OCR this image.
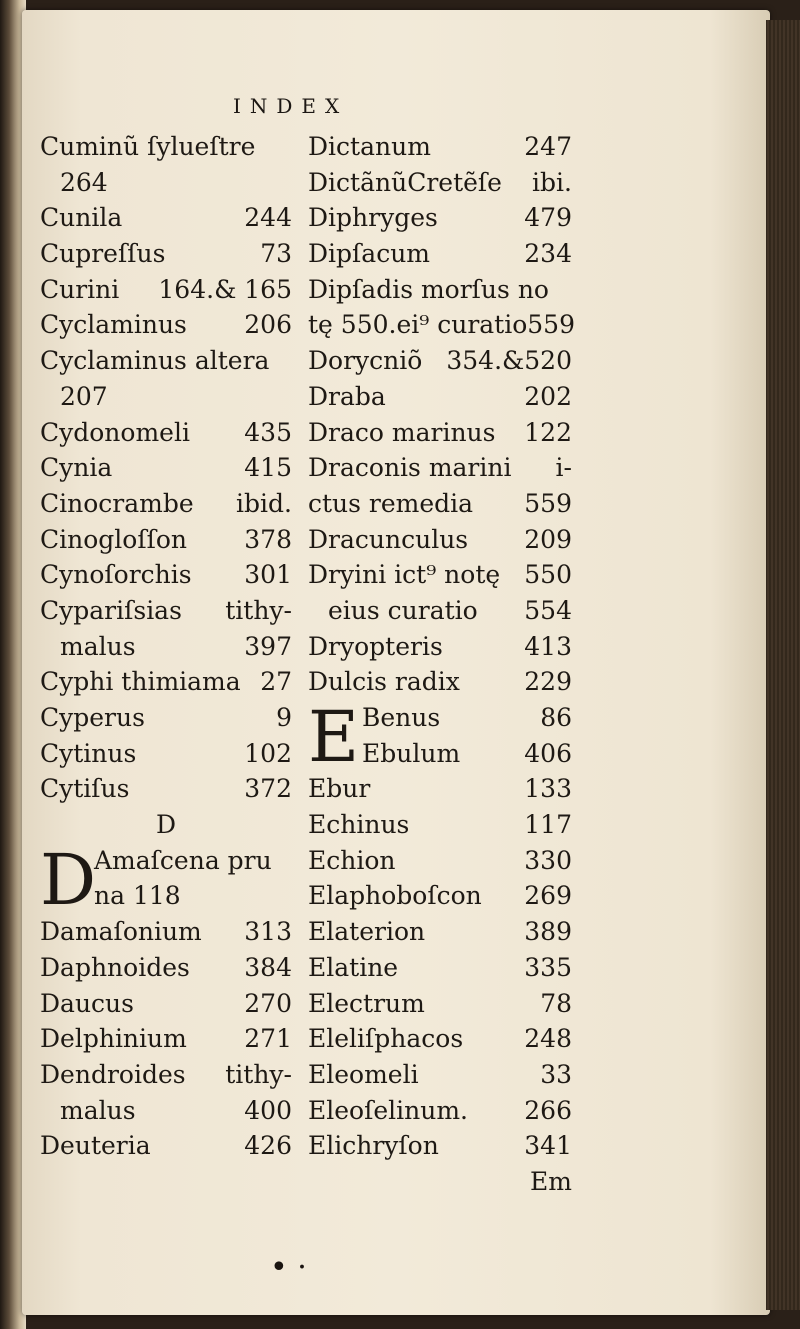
INDEX
Cuminũ ſylueſtre
264
Cunila	244
Cupreſſus	73
Curini 164.& 165
Cyclaminus 206
Cyclaminus altera
207
Cydonomeli 435
Cynia	415
Cinocrambe ibid.
Cinogloſſon 378
Cynoſorchis 301
Cypariſsias tithy-
malus	397
Cyphi thimiama 27
Cyperus	9
Cytinus	102
Cytiſus	372
D
D
Amaſcena pru
na 118
Damaſonium 313
Daphnoides 384
Daucus	270
Delphinium 271
Dendroides tithy-
malus	400
Deuteria	426
Dictanum	247
DictãnũCretẽſe ibi.
Diphryges	479
Dipſacum	234
Dipſadis morſus no
tę 550.ei⁹ curatio 559
Dorycniõ 354.&520
Draba	202
Draco marinus 122
Draconis marini i-
ctus remedia 559
Dracunculus 209
Dryini ict⁹ notę 550
eius curatio 554
Dryopteris	413
Dulcis radix	229
E Benus	86
Ebulum	406
Ebur	133
Echinus	117
Echion	330
Elaphoboſcon 269
Elaterion	389
Elatine	335
Electrum	78
Eleliſphacos 248
Eleomeli	33
Eleoſelinum. 266
Elichryſon	341
Em
• ·
